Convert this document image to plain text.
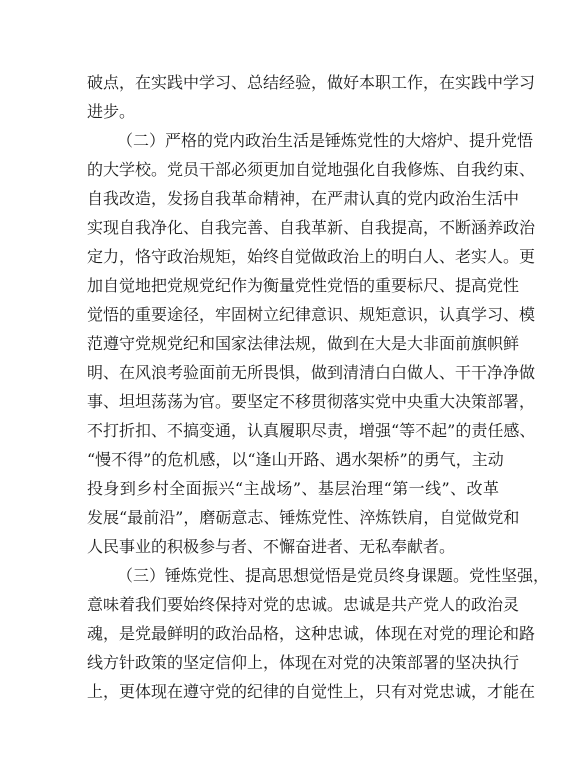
破点，在实践中学习、总结经验，做好本职工作，在实践中学习
进步。
（二）严格的党内政治生活是锤炼党性的大熔炉、提升党悟
的大学校。党员干部必须更加自觉地强化自我修炼、自我约束、
自我改造，发扬自我革命精神，在严肃认真的党内政治生活中
实现自我净化、自我完善、自我革新、自我提高，不断涵养政治
定力，恪守政治规矩，始终自觉做政治上的明白人、老实人。更
加自觉地把党规党纪作为衡量党性党悟的重要标尺、提高党性
觉悟的重要途径，牢固树立纪律意识、规矩意识，认真学习、模
范遵守党规党纪和国家法律法规，做到在大是大非面前旗帜鲜
明、在风浪考验面前无所畏惧，做到清清白白做人、干干净净做
事、坦坦荡荡为官。要坚定不移贯彻落实党中央重大决策部署，
不打折扣、不搞变通，认真履职尽责，增强“等不起”的责任感、
“慢不得”的危机感，以“逢山开路、遇水架桥”的勇气，主动
投身到乡村全面振兴“主战场”、基层治理“第一线”、改革
发展“最前沿”，磨砺意志、锤炼党性、淬炼铁肩，自觉做党和
人民事业的积极参与者、不懈奋进者、无私奉献者。
（三）锤炼党性、提高思想觉悟是党员终身课题。党性坚强，
意味着我们要始终保持对党的忠诚。忠诚是共产党人的政治灵
魂，是党最鲜明的政治品格，这种忠诚，体现在对党的理论和路
线方针政策的坚定信仰上，体现在对党的决策部署的坚决执行
上，更体现在遵守党的纪律的自觉性上，只有对党忠诚，才能在
